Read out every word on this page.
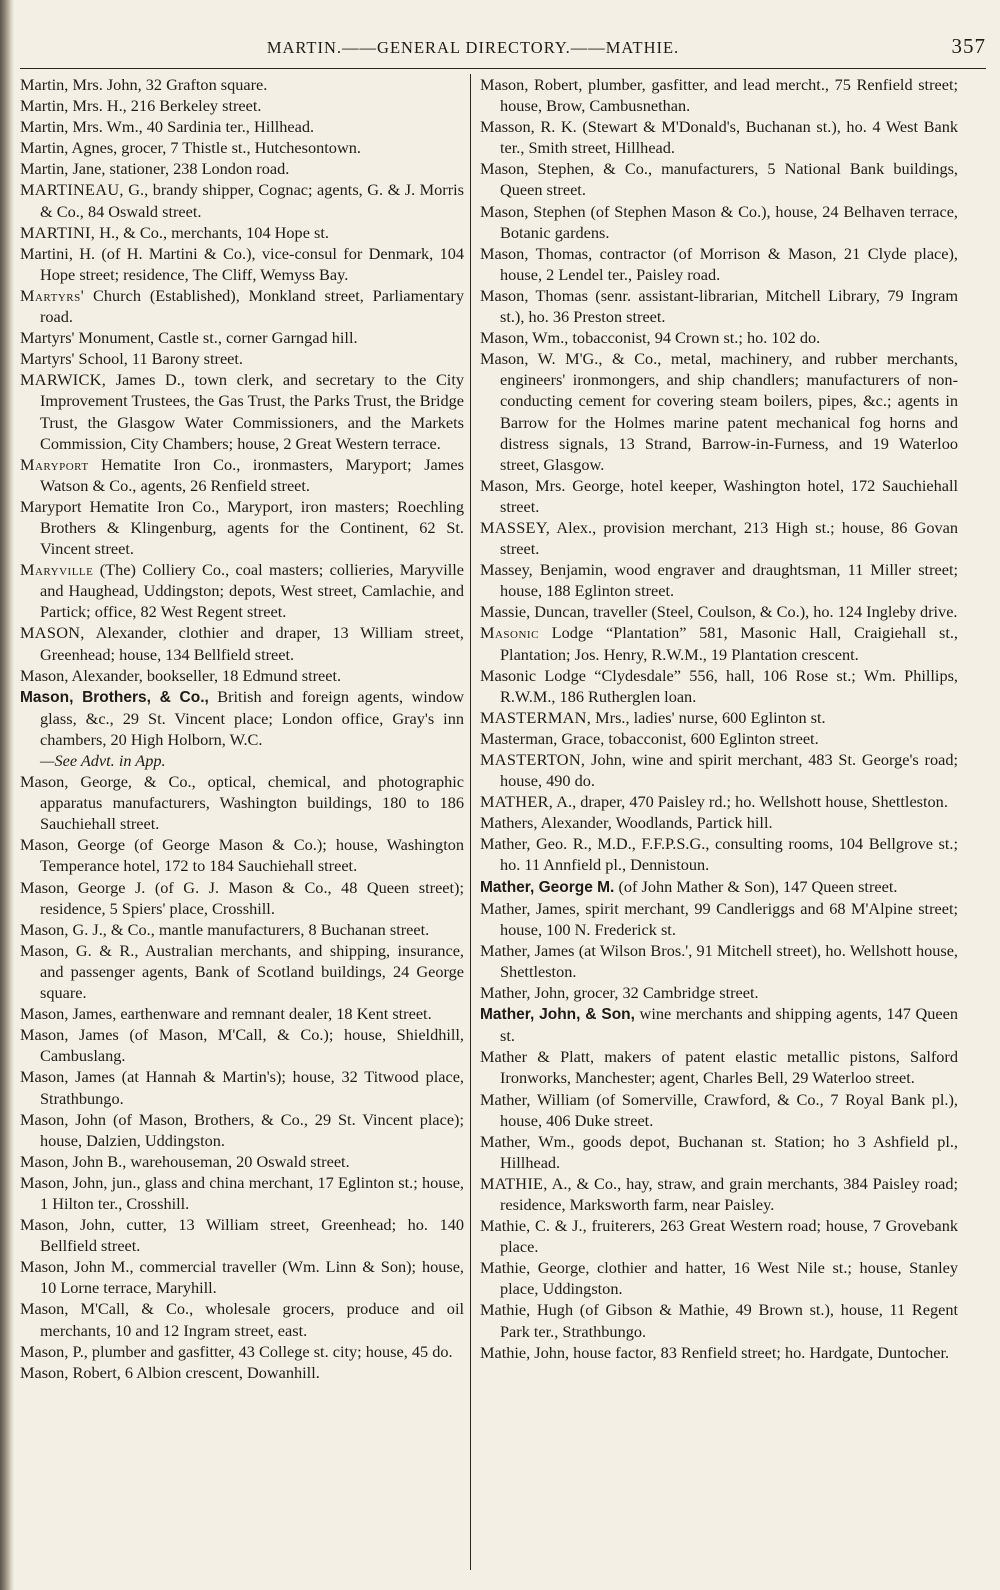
MARTIN.——GENERAL DIRECTORY.——MATHIE.	357
Martin, Mrs. John, 32 Grafton square.
Martin, Mrs. H., 216 Berkeley street.
Martin, Mrs. Wm., 40 Sardinia ter., Hillhead.
Martin, Agnes, grocer, 7 Thistle st., Hutchesontown.
Martin, Jane, stationer, 238 London road.
MARTINEAU, G., brandy shipper, Cognac; agents, G. & J. Morris & Co., 84 Oswald street.
MARTINI, H., & Co., merchants, 104 Hope st.
Martini, H. (of H. Martini & Co.), vice-consul for Denmark, 104 Hope street; residence, The Cliff, Wemyss Bay.
Martyrs' Church (Established), Monkland street, Parliamentary road.
Martyrs' Monument, Castle st., corner Garngad hill.
Martyrs' School, 11 Barony street.
MARWICK, James D., town clerk, and secretary to the City Improvement Trustees, the Gas Trust, the Parks Trust, the Bridge Trust, the Glasgow Water Commissioners, and the Markets Commission, City Chambers; house, 2 Great Western terrace.
Maryport Hematite Iron Co., ironmasters, Maryport; James Watson & Co., agents, 26 Renfield street.
Maryport Hematite Iron Co., Maryport, iron masters; Roechling Brothers & Klingenburg, agents for the Continent, 62 St. Vincent street.
Maryville (The) Colliery Co., coal masters; collieries, Maryville and Haughead, Uddingston; depots, West street, Camlachie, and Partick; office, 82 West Regent street.
MASON, Alexander, clothier and draper, 13 William street, Greenhead; house, 134 Bellfield street.
Mason, Alexander, bookseller, 18 Edmund street.
Mason, Brothers, & Co., British and foreign agents, window glass, &c., 29 St. Vincent place; London office, Gray's inn chambers, 20 High Holborn, W.C.
—See Advt. in App.
Mason, George, & Co., optical, chemical, and photographic apparatus manufacturers, Washington buildings, 180 to 186 Sauchiehall street.
Mason, George (of George Mason & Co.); house, Washington Temperance hotel, 172 to 184 Sauchiehall street.
Mason, George J. (of G. J. Mason & Co., 48 Queen street); residence, 5 Spiers' place, Crosshill.
Mason, G. J., & Co., mantle manufacturers, 8 Buchanan street.
Mason, G. & R., Australian merchants, and shipping, insurance, and passenger agents, Bank of Scotland buildings, 24 George square.
Mason, James, earthenware and remnant dealer, 18 Kent street.
Mason, James (of Mason, M'Call, & Co.); house, Shieldhill, Cambuslang.
Mason, James (at Hannah & Martin's); house, 32 Titwood place, Strathbungo.
Mason, John (of Mason, Brothers, & Co., 29 St. Vincent place); house, Dalzien, Uddingston.
Mason, John B., warehouseman, 20 Oswald street.
Mason, John, jun., glass and china merchant, 17 Eglinton st.; house, 1 Hilton ter., Crosshill.
Mason, John, cutter, 13 William street, Greenhead; ho. 140 Bellfield street.
Mason, John M., commercial traveller (Wm. Linn & Son); house, 10 Lorne terrace, Maryhill.
Mason, M'Call, & Co., wholesale grocers, produce and oil merchants, 10 and 12 Ingram street, east.
Mason, P., plumber and gasfitter, 43 College st. city; house, 45 do.
Mason, Robert, 6 Albion crescent, Dowanhill.
Mason, Robert, plumber, gasfitter, and lead mercht., 75 Renfield street; house, Brow, Cambusnethan.
Masson, R. K. (Stewart & M'Donald's, Buchanan st.), ho. 4 West Bank ter., Smith street, Hillhead.
Mason, Stephen, & Co., manufacturers, 5 National Bank buildings, Queen street.
Mason, Stephen (of Stephen Mason & Co.), house, 24 Belhaven terrace, Botanic gardens.
Mason, Thomas, contractor (of Morrison & Mason, 21 Clyde place), house, 2 Lendel ter., Paisley road.
Mason, Thomas (senr. assistant-librarian, Mitchell Library, 79 Ingram st.), ho. 36 Preston street.
Mason, Wm., tobacconist, 94 Crown st.; ho. 102 do.
Mason, W. M'G., & Co., metal, machinery, and rubber merchants, engineers' ironmongers, and ship chandlers; manufacturers of non-conducting cement for covering steam boilers, pipes, &c.; agents in Barrow for the Holmes marine patent mechanical fog horns and distress signals, 13 Strand, Barrow-in-Furness, and 19 Waterloo street, Glasgow.
Mason, Mrs. George, hotel keeper, Washington hotel, 172 Sauchiehall street.
MASSEY, Alex., provision merchant, 213 High st.; house, 86 Govan street.
Massey, Benjamin, wood engraver and draughtsman, 11 Miller street; house, 188 Eglinton street.
Massie, Duncan, traveller (Steel, Coulson, & Co.), ho. 124 Ingleby drive.
Masonic Lodge “Plantation” 581, Masonic Hall, Craigiehall st., Plantation; Jos. Henry, R.W.M., 19 Plantation crescent.
Masonic Lodge “Clydesdale” 556, hall, 106 Rose st.; Wm. Phillips, R.W.M., 186 Rutherglen loan.
MASTERMAN, Mrs., ladies' nurse, 600 Eglinton st.
Masterman, Grace, tobacconist, 600 Eglinton street.
MASTERTON, John, wine and spirit merchant, 483 St. George's road; house, 490 do.
MATHER, A., draper, 470 Paisley rd.; ho. Wellshott house, Shettleston.
Mathers, Alexander, Woodlands, Partick hill.
Mather, Geo. R., M.D., F.F.P.S.G., consulting rooms, 104 Bellgrove st.; ho. 11 Annfield pl., Dennistoun.
Mather, George M. (of John Mather & Son), 147 Queen street.
Mather, James, spirit merchant, 99 Candleriggs and 68 M'Alpine street; house, 100 N. Frederick st.
Mather, James (at Wilson Bros.', 91 Mitchell street), ho. Wellshott house, Shettleston.
Mather, John, grocer, 32 Cambridge street.
Mather, John, & Son, wine merchants and shipping agents, 147 Queen st.
Mather & Platt, makers of patent elastic metallic pistons, Salford Ironworks, Manchester; agent, Charles Bell, 29 Waterloo street.
Mather, William (of Somerville, Crawford, & Co., 7 Royal Bank pl.), house, 406 Duke street.
Mather, Wm., goods depot, Buchanan st. Station; ho 3 Ashfield pl., Hillhead.
MATHIE, A., & Co., hay, straw, and grain merchants, 384 Paisley road; residence, Marksworth farm, near Paisley.
Mathie, C. & J., fruiterers, 263 Great Western road; house, 7 Grovebank place.
Mathie, George, clothier and hatter, 16 West Nile st.; house, Stanley place, Uddingston.
Mathie, Hugh (of Gibson & Mathie, 49 Brown st.), house, 11 Regent Park ter., Strathbungo.
Mathie, John, house factor, 83 Renfield street; ho. Hardgate, Duntocher.
